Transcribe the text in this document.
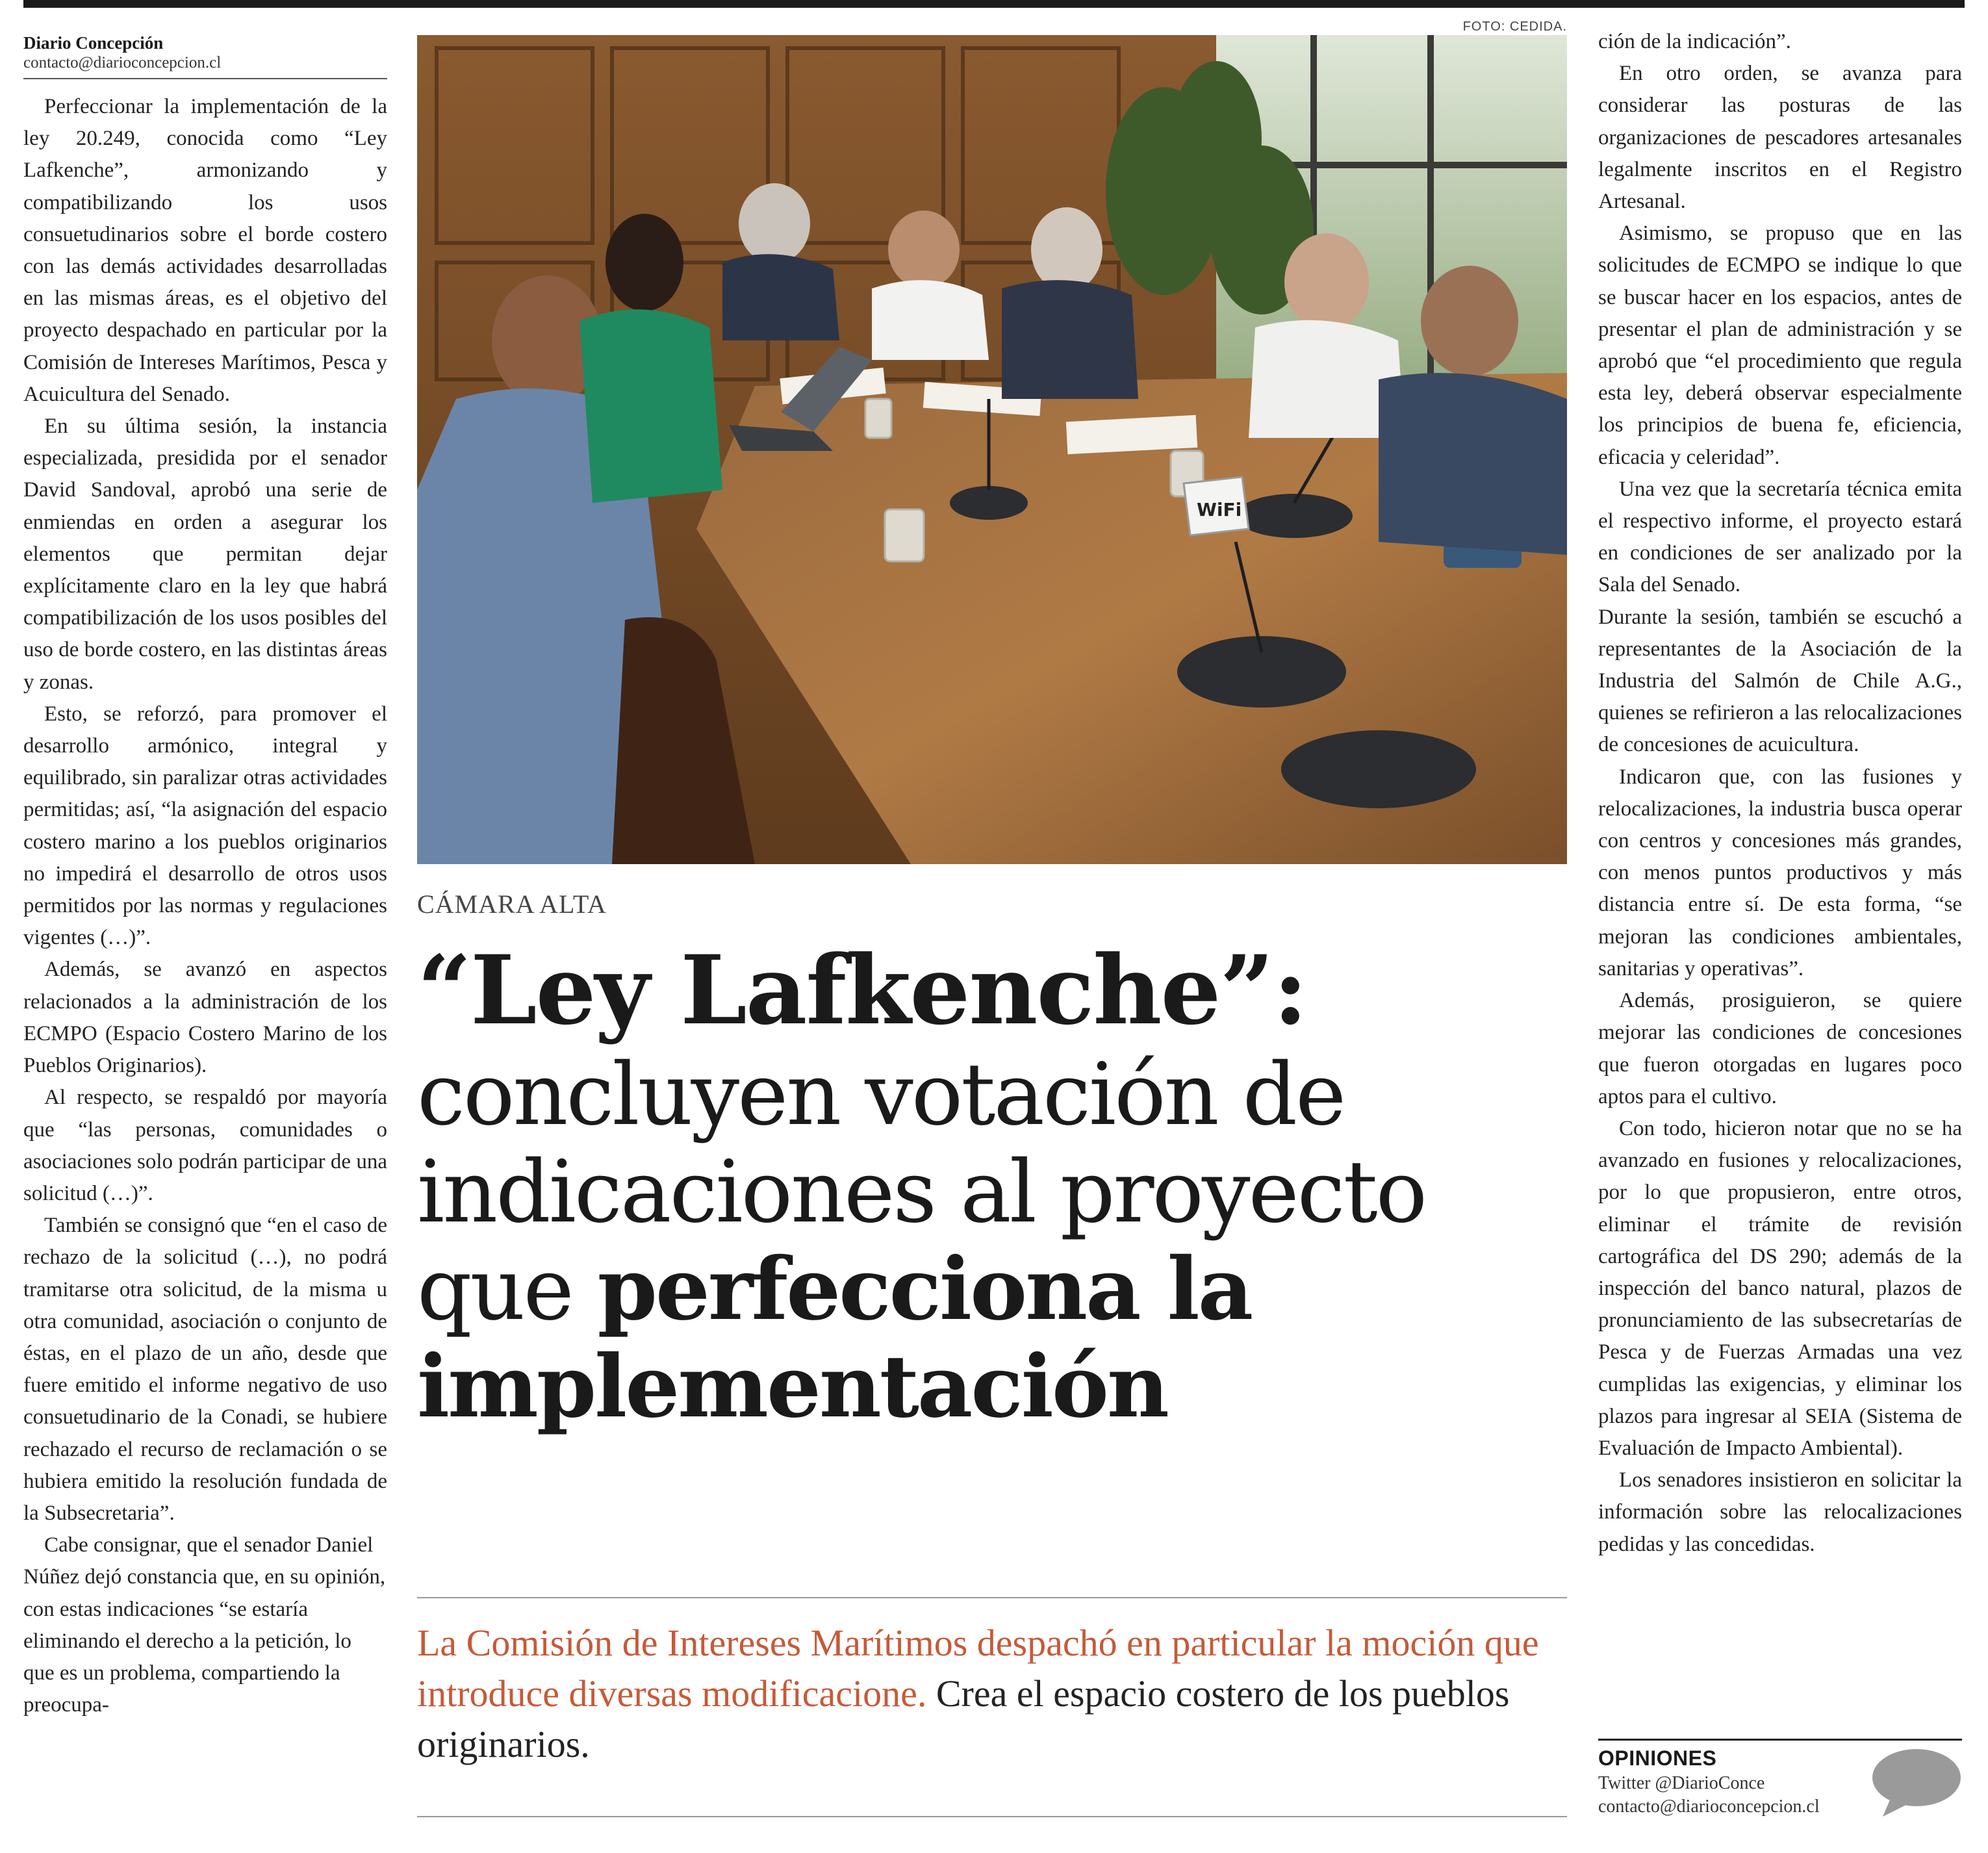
Diario Concepción
contacto@diarioconcepcion.cl

Perfeccionar la implementación de la ley 20.249, conocida como “Ley Lafkenche”, armonizando y compatibilizando los usos consuetudinarios sobre el borde costero con las demás actividades desarrolladas en las mismas áreas, es el objetivo del proyecto despachado en particular por la Comisión de Intereses Marítimos, Pesca y Acuicultura del Senado.

En su última sesión, la instancia especializada, presidida por el senador David Sandoval, aprobó una serie de enmiendas en orden a asegurar los elementos que permitan dejar explícitamente claro en la ley que habrá compatibilización de los usos posibles del uso de borde costero, en las distintas áreas y zonas.

Esto, se reforzó, para promover el desarrollo armónico, integral y equilibrado, sin paralizar otras actividades permitidas; así, “la asignación del espacio costero marino a los pueblos originarios no impedirá el desarrollo de otros usos permitidos por las normas y regulaciones vigentes (…)”.

Además, se avanzó en aspectos relacionados a la administración de los ECMPO (Espacio Costero Marino de los Pueblos Originarios).

Al respecto, se respaldó por mayoría que “las personas, comunidades o asociaciones solo podrán participar de una solicitud (…)”.

También se consignó que “en el caso de rechazo de la solicitud (…), no podrá tramitarse otra solicitud, de la misma u otra comunidad, asociación o conjunto de éstas, en el plazo de un año, desde que fuere emitido el informe negativo de uso consuetudinario de la Conadi, se hubiere rechazado el recurso de reclamación o se hubiera emitido la resolución fundada de la Subsecretaria”.

Cabe consignar, que el senador Daniel Núñez dejó constancia que, en su opinión, con estas indicaciones “se estaría eliminando el derecho a la petición, lo que es un problema, compartiendo la preocupa-

FOTO: CEDIDA.
WiFi
CÁMARA ALTA
“Ley Lafkenche”:
concluyen votación de
indicaciones al proyecto
que perfecciona la
implementación
La Comisión de Intereses Marítimos despachó en particular la moción que introduce diversas modificacione. Crea el espacio costero de los pueblos originarios.

ción de la indicación”.

En otro orden, se avanza para considerar las posturas de las organizaciones de pescadores artesanales legalmente inscritos en el Registro Artesanal.

Asimismo, se propuso que en las solicitudes de ECMPO se indique lo que se buscar hacer en los espacios, antes de presentar el plan de administración y se aprobó que “el procedimiento que regula esta ley, deberá observar especialmente los principios de buena fe, eficiencia, eficacia y celeridad”.

Una vez que la secretaría técnica emita el respectivo informe, el proyecto estará en condiciones de ser analizado por la Sala del Senado.

Durante la sesión, también se escuchó a representantes de la Asociación de la Industria del Salmón de Chile A.G., quienes se refirieron a las relocalizaciones de concesiones de acuicultura.

Indicaron que, con las fusiones y relocalizaciones, la industria busca operar con centros y concesiones más grandes, con menos puntos productivos y más distancia entre sí. De esta forma, “se mejoran las condiciones ambientales, sanitarias y operativas”.

Además, prosiguieron, se quiere mejorar las condiciones de concesiones que fueron otorgadas en lugares poco aptos para el cultivo.

Con todo, hicieron notar que no se ha avanzado en fusiones y relocalizaciones, por lo que propusieron, entre otros, eliminar el trámite de revisión cartográfica del DS 290; además de la inspección del banco natural, plazos de pronunciamiento de las subsecretarías de Pesca y de Fuerzas Armadas una vez cumplidas las exigencias, y eliminar los plazos para ingresar al SEIA (Sistema de Evaluación de Impacto Ambiental).

Los senadores insistieron en solicitar la información sobre las relocalizaciones pedidas y las concedidas.

OPINIONES
Twitter @DiarioConce
contacto@diarioconcepcion.cl
